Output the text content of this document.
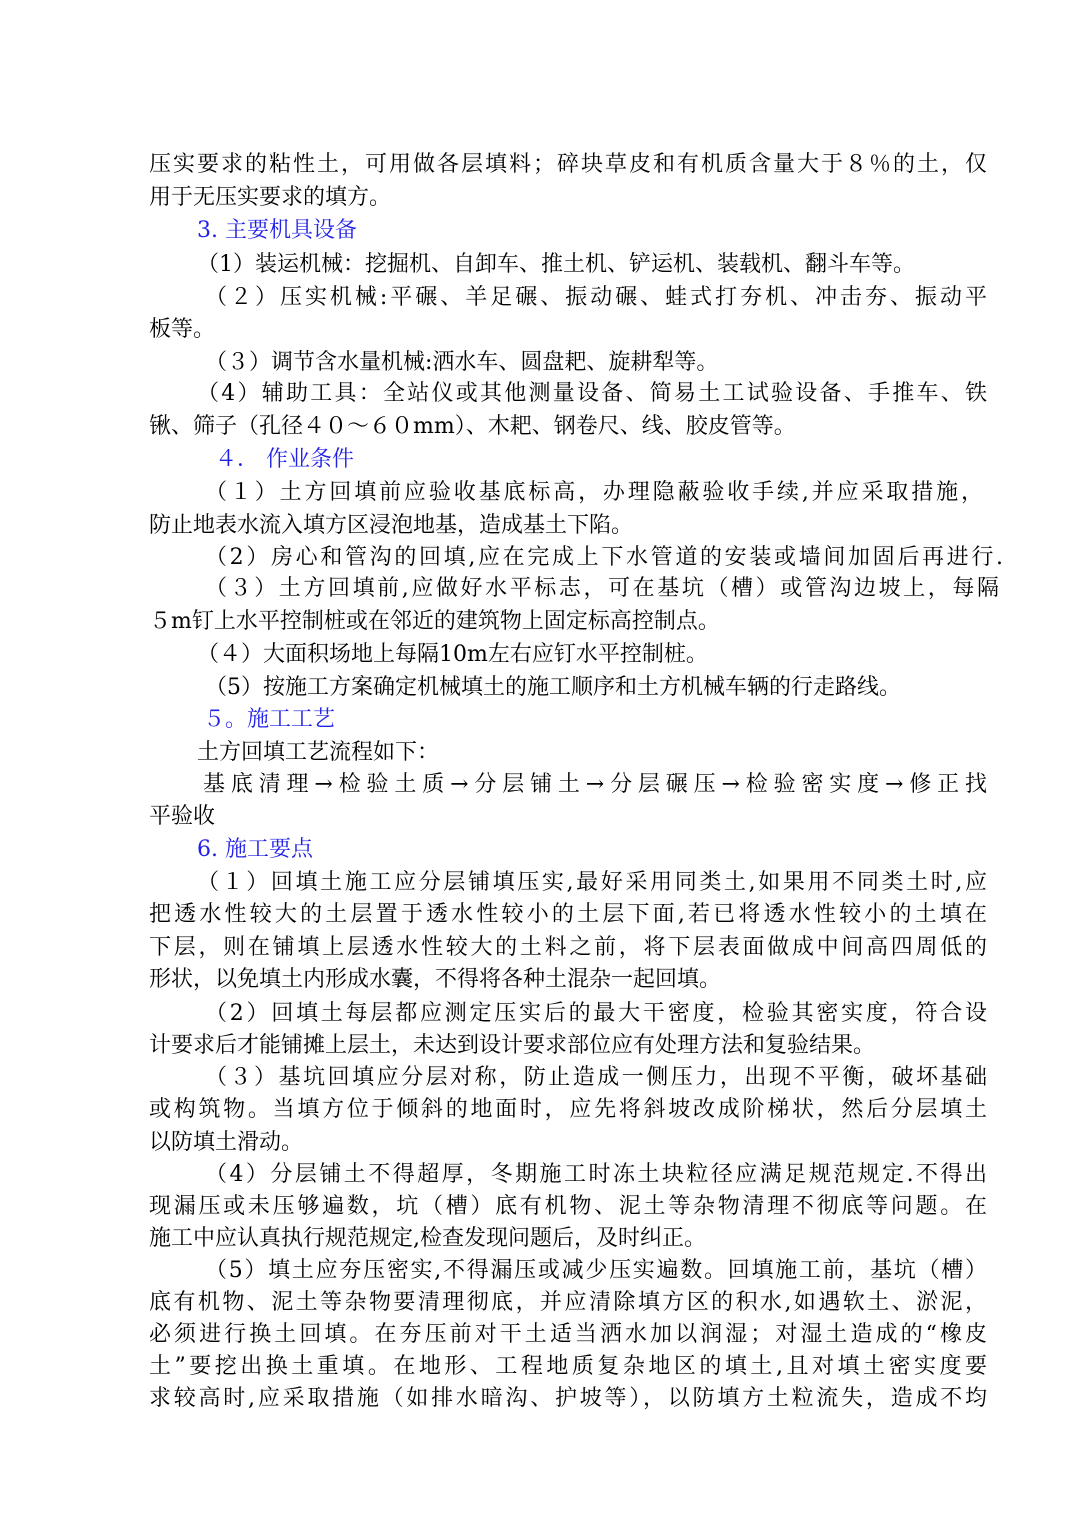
压实要求的粘性土，可用做各层填料；碎块草皮和有机质含量大于８％的土，仅
用于无压实要求的填方。
3. 主要机具设备
（1）装运机械：挖掘机、自卸车、推土机、铲运机、装载机、翻斗车等。
（２）压实机械:平碾、羊足碾、振动碾、蛙式打夯机、冲击夯、振动平
板等。
（３）调节含水量机械:洒水车、圆盘耙、旋耕犁等。
（4）辅助工具：全站仪或其他测量设备、简易土工试验设备、手推车、铁
锹、筛子（孔径４０～６０mm）、木耙、钢卷尺、线、胶皮管等。
４． 作业条件
（１）土方回填前应验收基底标高，办理隐蔽验收手续,并应采取措施，
防止地表水流入填方区浸泡地基，造成基土下陷。
（2）房心和管沟的回填,应在完成上下水管道的安装或墙间加固后再进行.
（３）土方回填前,应做好水平标志，可在基坑（槽）或管沟边坡上，每隔
５m钉上水平控制桩或在邻近的建筑物上固定标高控制点。
（４）大面积场地上每隔10m左右应钉水平控制桩。
（5）按施工方案确定机械填土的施工顺序和土方机械车辆的行走路线。
５。施工工艺
土方回填工艺流程如下：
基底清理→检验土质→分层铺土→分层碾压→检验密实度→修正找
平验收
6. 施工要点
（１）回填土施工应分层铺填压实,最好采用同类土,如果用不同类土时,应
把透水性较大的土层置于透水性较小的土层下面,若已将透水性较小的土填在
下层，则在铺填上层透水性较大的土料之前，将下层表面做成中间高四周低的
形状，以免填土内形成水囊，不得将各种土混杂一起回填。
（2）回填土每层都应测定压实后的最大干密度，检验其密实度，符合设
计要求后才能铺摊上层土，未达到设计要求部位应有处理方法和复验结果。
（３）基坑回填应分层对称，防止造成一侧压力，出现不平衡，破坏基础
或构筑物。当填方位于倾斜的地面时，应先将斜坡改成阶梯状，然后分层填土
以防填土滑动。
（4）分层铺土不得超厚，冬期施工时冻土块粒径应满足规范规定.不得出
现漏压或未压够遍数，坑（槽）底有机物、泥土等杂物清理不彻底等问题。在
施工中应认真执行规范规定,检查发现问题后，及时纠正。
（5）填土应夯压密实,不得漏压或减少压实遍数。回填施工前，基坑（槽）
底有机物、泥土等杂物要清理彻底，并应清除填方区的积水,如遇软土、淤泥，
必须进行换土回填。在夯压前对干土适当洒水加以润湿；对湿土造成的“橡皮
土”要挖出换土重填。在地形、工程地质复杂地区的填土,且对填土密实度要
求较高时,应采取措施（如排水暗沟、护坡等），以防填方土粒流失，造成不均
